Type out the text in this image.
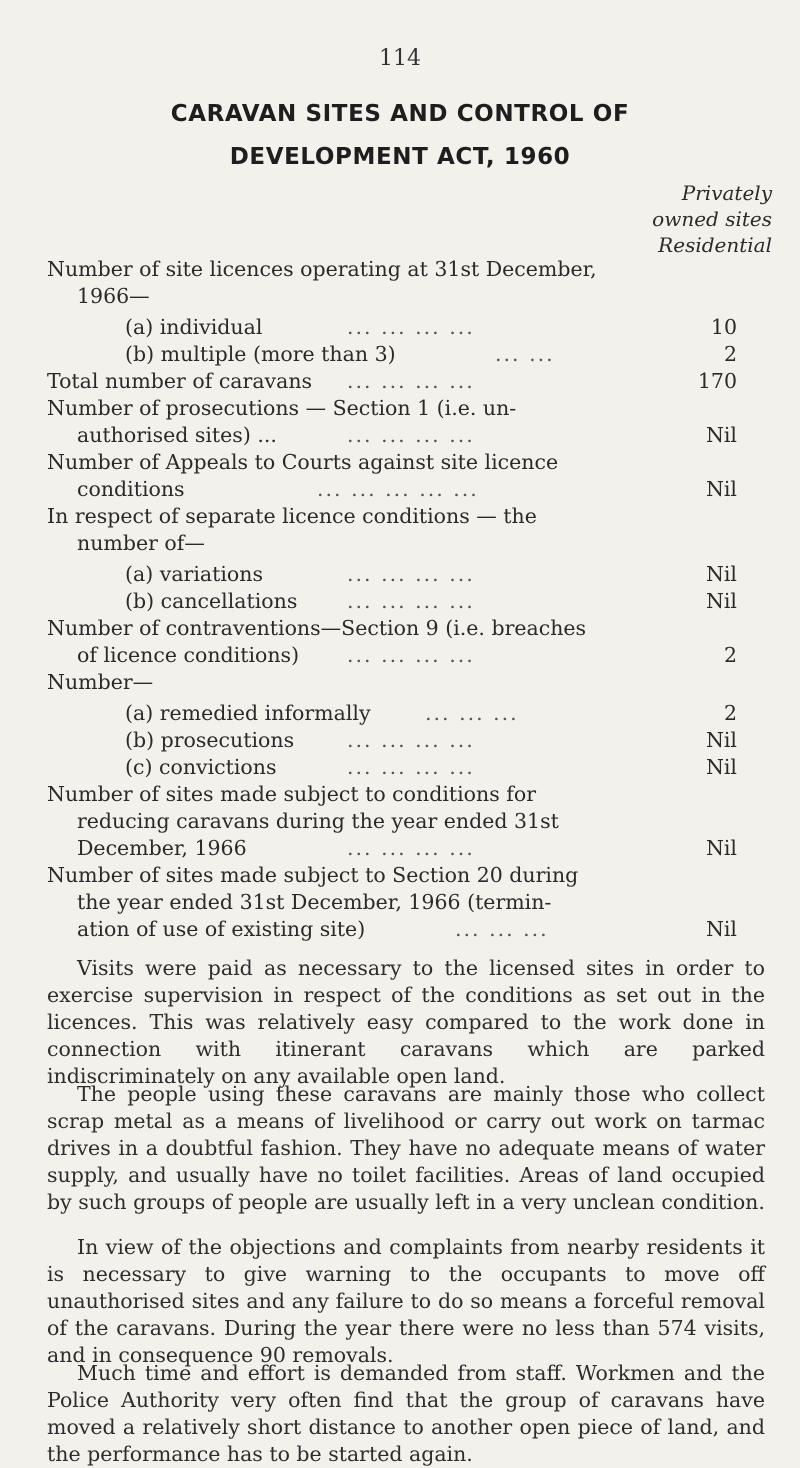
114
CARAVAN SITES AND CONTROL OF
DEVELOPMENT ACT, 1960
Privately
owned sites
Residential
Number of site licences operating at 31st December,
1966—
(a) individual	... ... ... ...	10
(b) multiple (more than 3)	... ...	2
Total number of caravans ... ... ... ...	170
Number of prosecutions — Section 1 (i.e. un-
authorised sites) ...	... ... ... ...	Nil
Number of Appeals to Courts against site licence
conditions	... ... ... ... ...	Nil
In respect of separate licence conditions — the
number of—
(a) variations	... ... ... ...	Nil
(b) cancellations ... ... ... ...	Nil
Number of contraventions—Section 9 (i.e. breaches
of licence conditions) ... ... ... ...	2
Number—
(a) remedied informally	... ... ...	2
(b) prosecutions	... ... ... ...	Nil
(c) convictions	... ... ... ...	Nil
Number of sites made subject to conditions for
reducing caravans during the year ended 31st
December, 1966	... ... ... ...	Nil
Number of sites made subject to Section 20 during
the year ended 31st December, 1966 (termin-
ation of use of existing site)	... ... ...	Nil

Visits were paid as necessary to the licensed sites in order to exercise supervision in respect of the conditions as set out in the licences. This was relatively easy compared to the work done in connection with itinerant caravans which are parked indiscriminately on any available open land.

The people using these caravans are mainly those who collect scrap metal as a means of livelihood or carry out work on tarmac drives in a doubtful fashion. They have no adequate means of water supply, and usually have no toilet facilities. Areas of land occupied by such groups of people are usually left in a very unclean condition.

In view of the objections and complaints from nearby residents it is necessary to give warning to the occupants to move off unauthorised sites and any failure to do so means a forceful removal of the caravans. During the year there were no less than 574 visits, and in consequence 90 removals.

Much time and effort is demanded from staff. Workmen and the Police Authority very often find that the group of caravans have moved a relatively short distance to another open piece of land, and the performance has to be started again.
